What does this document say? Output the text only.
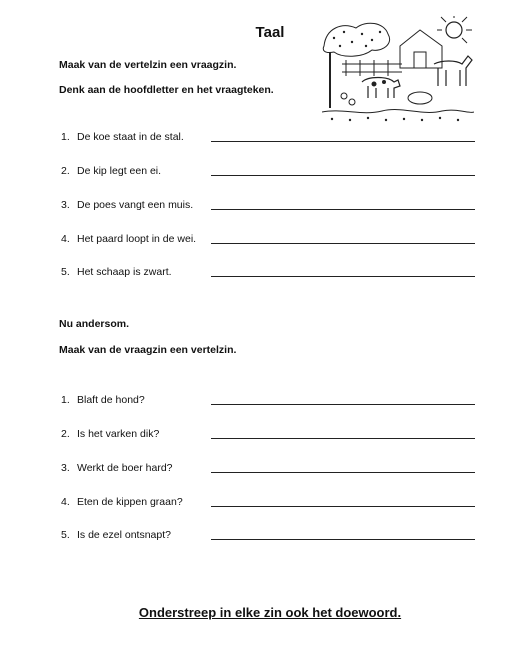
Taal
Maak van de vertelzin een vraagzin.
Denk aan de hoofdletter en het vraagteken.
1. De koe staat in de stal.
2. De kip legt een ei.
3. De poes vangt een muis.
4. Het paard loopt in de wei.
5. Het schaap is zwart.
Nu andersom.
Maak van de vraagzin een vertelzin.
1. Blaft de hond?
2. Is het varken dik?
3. Werkt de boer hard?
4. Eten de kippen graan?
5. Is de ezel ontsnapt?
Onderstreep in elke zin ook het doewoord.
